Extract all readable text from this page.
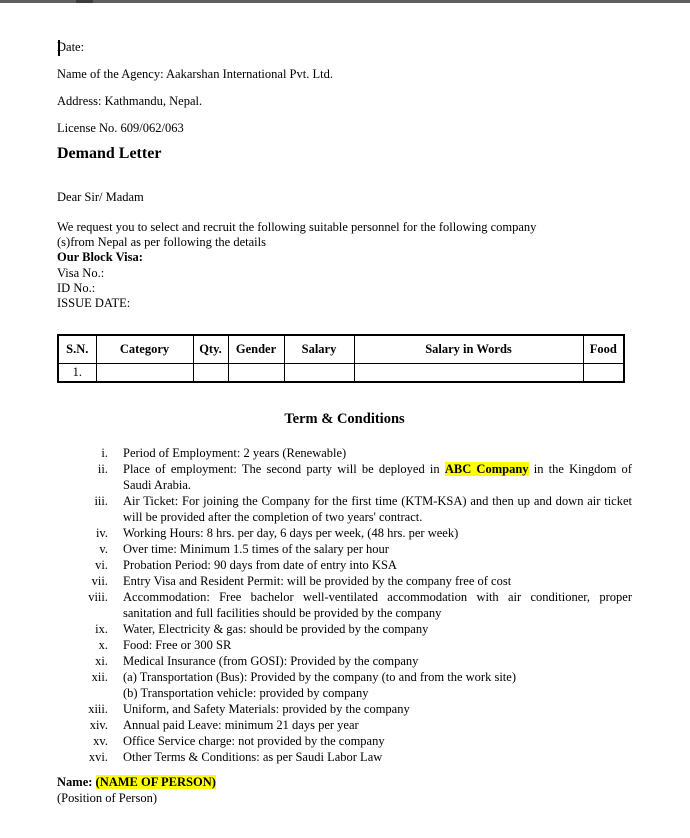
Date:
Name of the Agency: Aakarshan International Pvt. Ltd.
Address: Kathmandu, Nepal.
License No. 609/062/063
Demand Letter
Dear Sir/ Madam
We request you to select and recruit the following suitable personnel for the following company
(s)from Nepal as per following the details
Our Block Visa:
Visa No.:
ID No.:
ISSUE DATE:
S.N.	Category	Qty.	Gender	Salary	Salary in Words	Food
1.						
Term & Conditions
i. Period of Employment: 2 years (Renewable)
ii. Place of employment: The second party will be deployed in ABC Company in the Kingdom of Saudi Arabia.
iii. Air Ticket: For joining the Company for the first time (KTM-KSA) and then up and down air ticket will be provided after the completion of two years' contract.
iv. Working Hours: 8 hrs. per day, 6 days per week, (48 hrs. per week)
v. Over time: Minimum 1.5 times of the salary per hour
vi. Probation Period: 90 days from date of entry into KSA
vii. Entry Visa and Resident Permit: will be provided by the company free of cost
viii. Accommodation: Free bachelor well-ventilated accommodation with air conditioner, proper sanitation and full facilities should be provided by the company
ix. Water, Electricity & gas: should be provided by the company
x. Food: Free or 300 SR
xi. Medical Insurance (from GOSI): Provided by the company
xii. (a) Transportation (Bus): Provided by the company (to and from the work site)
(b) Transportation vehicle: provided by company
xiii. Uniform, and Safety Materials: provided by the company
xiv. Annual paid Leave: minimum 21 days per year
xv. Office Service charge: not provided by the company
xvi. Other Terms & Conditions: as per Saudi Labor Law
Name: (NAME OF PERSON)
(Position of Person)
